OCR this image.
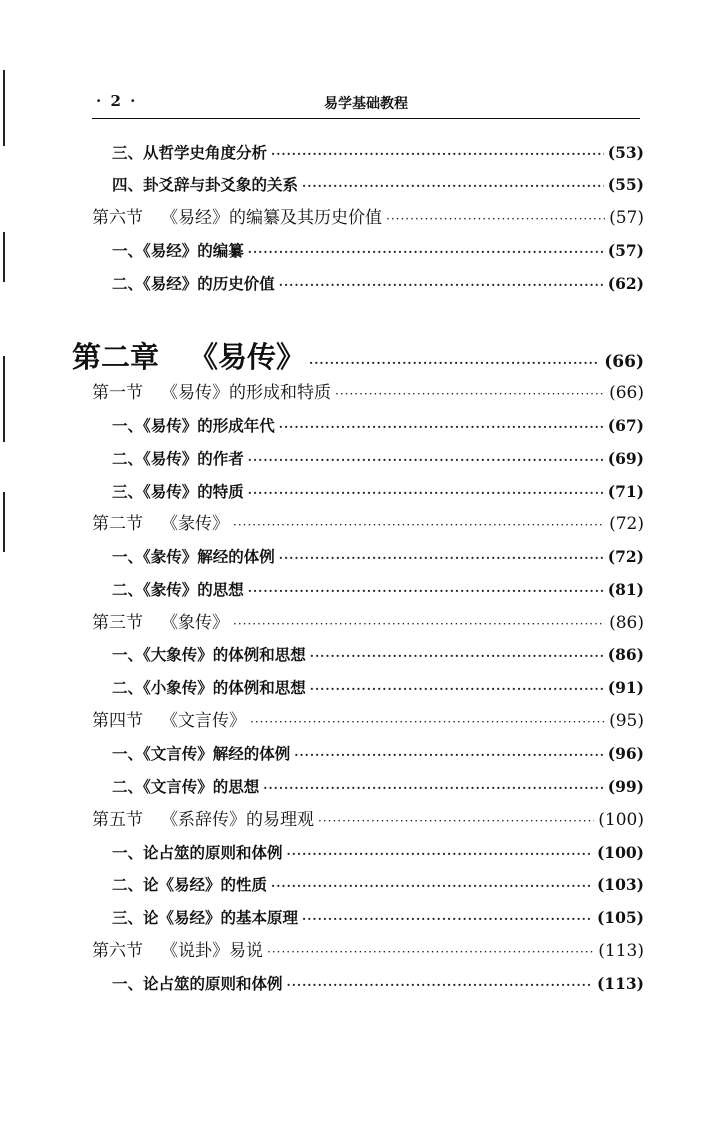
· 2 ·	易学基础教程
三、从哲学史角度分析 ·····	(53)
四、卦爻辞与卦爻象的关系 ·····	(55)
第六节 《易经》的编纂及其历史价值 ·····	(57)
一、《易经》的编纂 ·····	(57)
二、《易经》的历史价值 ·····	(62)
第二章 《易传》 ·····	(66)
第一节 《易传》的形成和特质 ·····	(66)
一、《易传》的形成年代 ·····	(67)
二、《易传》的作者 ·····	(69)
三、《易传》的特质 ·····	(71)
第二节 《彖传》 ·····	(72)
一、《彖传》解经的体例 ·····	(72)
二、《彖传》的思想 ·····	(81)
第三节 《象传》 ·····	(86)
一、《大象传》的体例和思想 ·····	(86)
二、《小象传》的体例和思想 ·····	(91)
第四节 《文言传》 ·····	(95)
一、《文言传》解经的体例 ·····	(96)
二、《文言传》的思想 ·····	(99)
第五节 《系辞传》的易理观 ·····	(100)
一、论占筮的原则和体例 ·····	(100)
二、论《易经》的性质 ·····	(103)
三、论《易经》的基本原理 ·····	(105)
第六节 《说卦》易说 ·····	(113)
一、论占筮的原则和体例 ·····	(113)
